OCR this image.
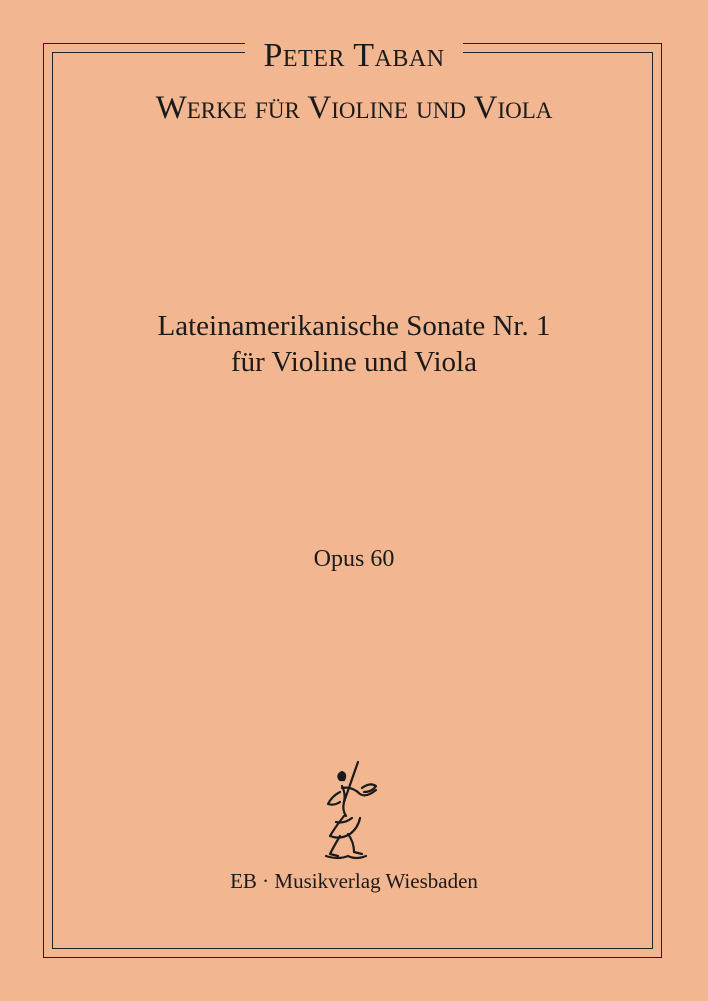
Peter Taban
Werke für Violine und Viola
Lateinamerikanische Sonate Nr. 1
für Violine und Viola
Opus 60
EB · Musikverlag Wiesbaden
